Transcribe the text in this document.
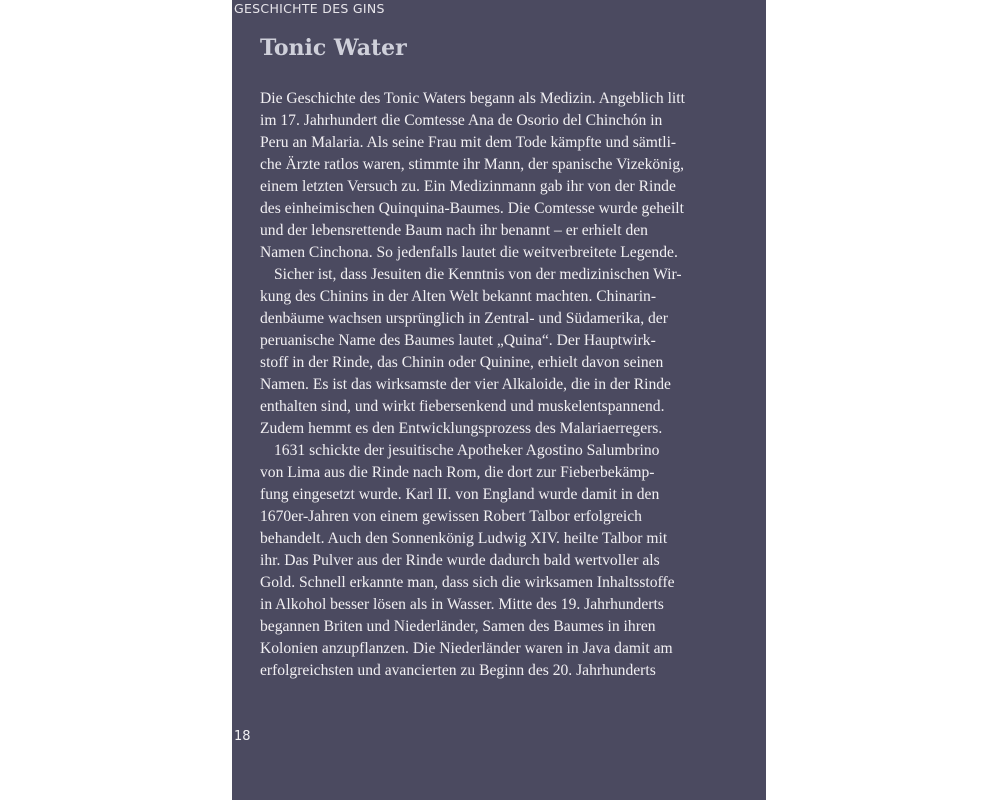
GESCHICHTE DES GINS
Tonic Water
Die Geschichte des Tonic Waters begann als Medizin. Angeblich litt
im 17. Jahrhundert die Comtesse Ana de Osorio del Chinchón in
Peru an Malaria. Als seine Frau mit dem Tode kämpfte und sämtli-
che Ärzte ratlos waren, stimmte ihr Mann, der spanische Vizekönig,
einem letzten Versuch zu. Ein Medizinmann gab ihr von der Rinde
des einheimischen Quinquina-Baumes. Die Comtesse wurde geheilt
und der lebensrettende Baum nach ihr benannt – er erhielt den
Namen Cinchona. So jedenfalls lautet die weitverbreitete Legende.
Sicher ist, dass Jesuiten die Kenntnis von der medizinischen Wir-
kung des Chinins in der Alten Welt bekannt machten. Chinarin-
denbäume wachsen ursprünglich in Zentral- und Südamerika, der
peruanische Name des Baumes lautet „Quina“. Der Hauptwirk-
stoff in der Rinde, das Chinin oder Quinine, erhielt davon seinen
Namen. Es ist das wirksamste der vier Alkaloide, die in der Rinde
enthalten sind, und wirkt fiebersenkend und muskelentspannend.
Zudem hemmt es den Entwicklungsprozess des Malariaerregers.
1631 schickte der jesuitische Apotheker Agostino Salumbrino
von Lima aus die Rinde nach Rom, die dort zur Fieberbekämp-
fung eingesetzt wurde. Karl II. von England wurde damit in den
1670er-Jahren von einem gewissen Robert Talbor erfolgreich
behandelt. Auch den Sonnenkönig Ludwig XIV. heilte Talbor mit
ihr. Das Pulver aus der Rinde wurde dadurch bald wertvoller als
Gold. Schnell erkannte man, dass sich die wirksamen Inhaltsstoffe
in Alkohol besser lösen als in Wasser. Mitte des 19. Jahrhunderts
begannen Briten und Niederländer, Samen des Baumes in ihren
Kolonien anzupflanzen. Die Niederländer waren in Java damit am
erfolgreichsten und avancierten zu Beginn des 20. Jahrhunderts
18
